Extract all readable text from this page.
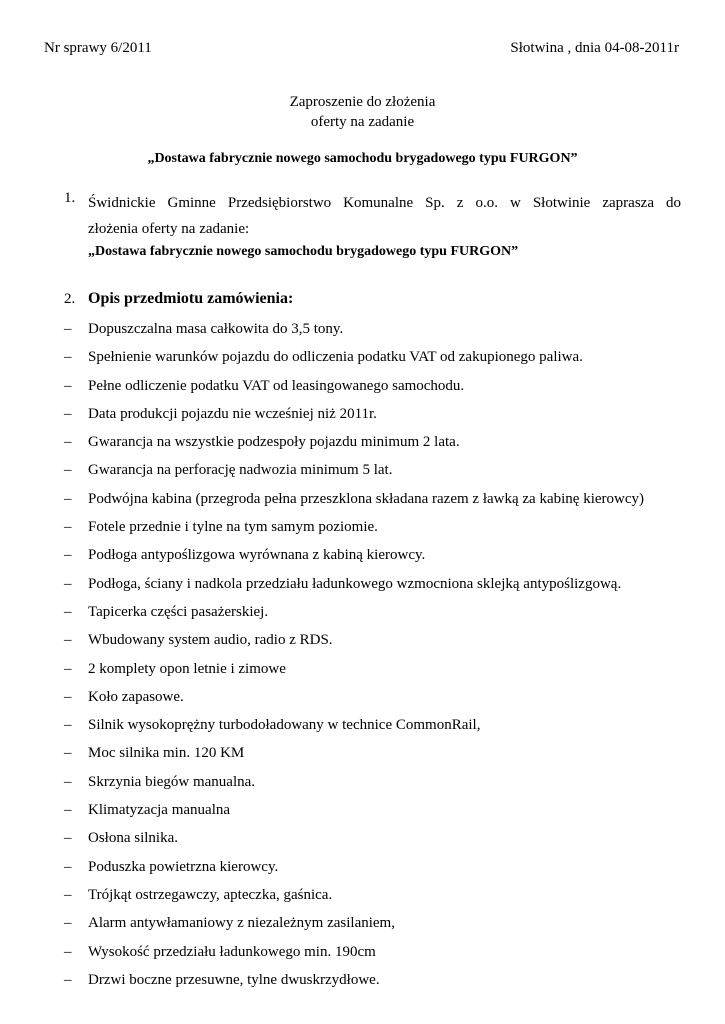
Nr sprawy 6/2011	Słotwina , dnia 04-08-2011r
Zaproszenie do złożenia
oferty na zadanie
„Dostawa fabrycznie nowego samochodu brygadowego typu FURGON”
1. Świdnickie Gminne Przedsiębiorstwo Komunalne Sp. z o.o. w Słotwinie zaprasza do
złożenia oferty na zadanie:
„Dostawa fabrycznie nowego samochodu brygadowego typu FURGON”
2. Opis przedmiotu zamówienia:
– Dopuszczalna masa całkowita do 3,5 tony.
– Spełnienie warunków pojazdu do odliczenia podatku VAT od zakupionego paliwa.
– Pełne odliczenie podatku VAT od leasingowanego samochodu.
– Data produkcji pojazdu nie wcześniej niż 2011r.
– Gwarancja na wszystkie podzespoły pojazdu minimum 2 lata.
– Gwarancja na perforację nadwozia minimum 5 lat.
– Podwójna kabina (przegroda pełna przeszklona składana razem z ławką za kabinę kierowcy)
– Fotele przednie i tylne na tym samym poziomie.
– Podłoga antypoślizgowa wyrównana z kabiną kierowcy.
– Podłoga, ściany i nadkola przedziału ładunkowego wzmocniona sklejką antypoślizgową.
– Tapicerka części pasażerskiej.
– Wbudowany system audio, radio z RDS.
– 2 komplety opon letnie i zimowe
– Koło zapasowe.
– Silnik wysokoprężny turbodoładowany w technice CommonRail,
– Moc silnika min. 120 KM
– Skrzynia biegów manualna.
– Klimatyzacja manualna
– Osłona silnika.
– Poduszka powietrzna kierowcy.
– Trójkąt ostrzegawczy, apteczka, gaśnica.
– Alarm antywłamaniowy z niezależnym zasilaniem,
– Wysokość przedziału ładunkowego min. 190cm
– Drzwi boczne przesuwne, tylne dwuskrzydłowe.
